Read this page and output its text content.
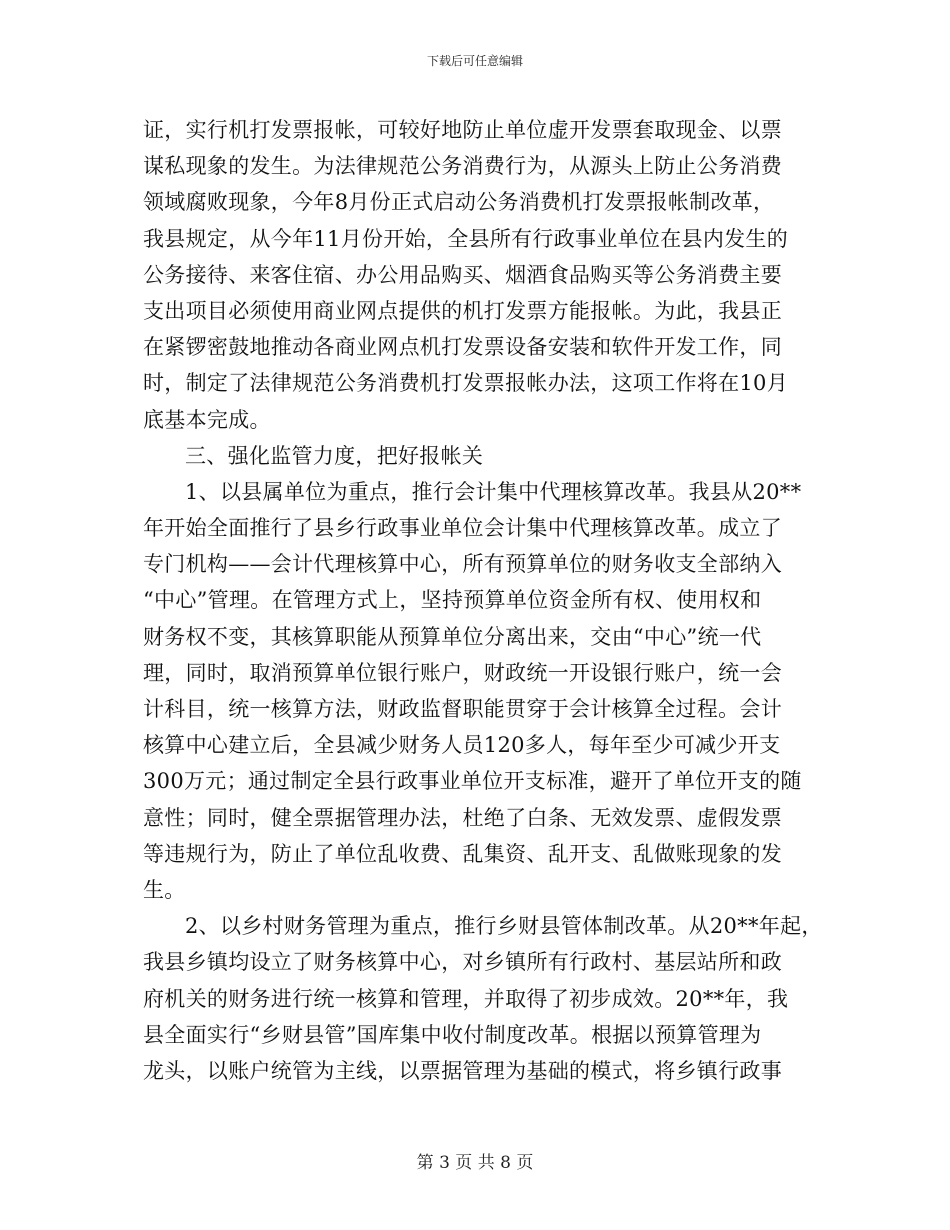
下载后可任意编辑
证，实行机打发票报帐，可较好地防止单位虚开发票套取现金、以票
谋私现象的发生。为法律规范公务消费行为，从源头上防止公务消费
领域腐败现象，今年8月份正式启动公务消费机打发票报帐制改革，
我县规定，从今年11月份开始，全县所有行政事业单位在县内发生的
公务接待、来客住宿、办公用品购买、烟酒食品购买等公务消费主要
支出项目必须使用商业网点提供的机打发票方能报帐。为此，我县正
在紧锣密鼓地推动各商业网点机打发票设备安装和软件开发工作，同
时，制定了法律规范公务消费机打发票报帐办法，这项工作将在10月
底基本完成。
三、强化监管力度，把好报帐关
1、以县属单位为重点，推行会计集中代理核算改革。我县从20**
年开始全面推行了县乡行政事业单位会计集中代理核算改革。成立了
专门机构——会计代理核算中心，所有预算单位的财务收支全部纳入
“中心”管理。在管理方式上，坚持预算单位资金所有权、使用权和
财务权不变，其核算职能从预算单位分离出来，交由“中心”统一代
理，同时，取消预算单位银行账户，财政统一开设银行账户，统一会
计科目，统一核算方法，财政监督职能贯穿于会计核算全过程。会计
核算中心建立后，全县减少财务人员120多人，每年至少可减少开支
300万元；通过制定全县行政事业单位开支标准，避开了单位开支的随
意性；同时，健全票据管理办法，杜绝了白条、无效发票、虚假发票
等违规行为，防止了单位乱收费、乱集资、乱开支、乱做账现象的发
生。
2、以乡村财务管理为重点，推行乡财县管体制改革。从20**年起，
我县乡镇均设立了财务核算中心，对乡镇所有行政村、基层站所和政
府机关的财务进行统一核算和管理，并取得了初步成效。20**年，我
县全面实行“乡财县管”国库集中收付制度改革。根据以预算管理为
龙头，以账户统管为主线，以票据管理为基础的模式，将乡镇行政事
第 3 页 共 8 页
